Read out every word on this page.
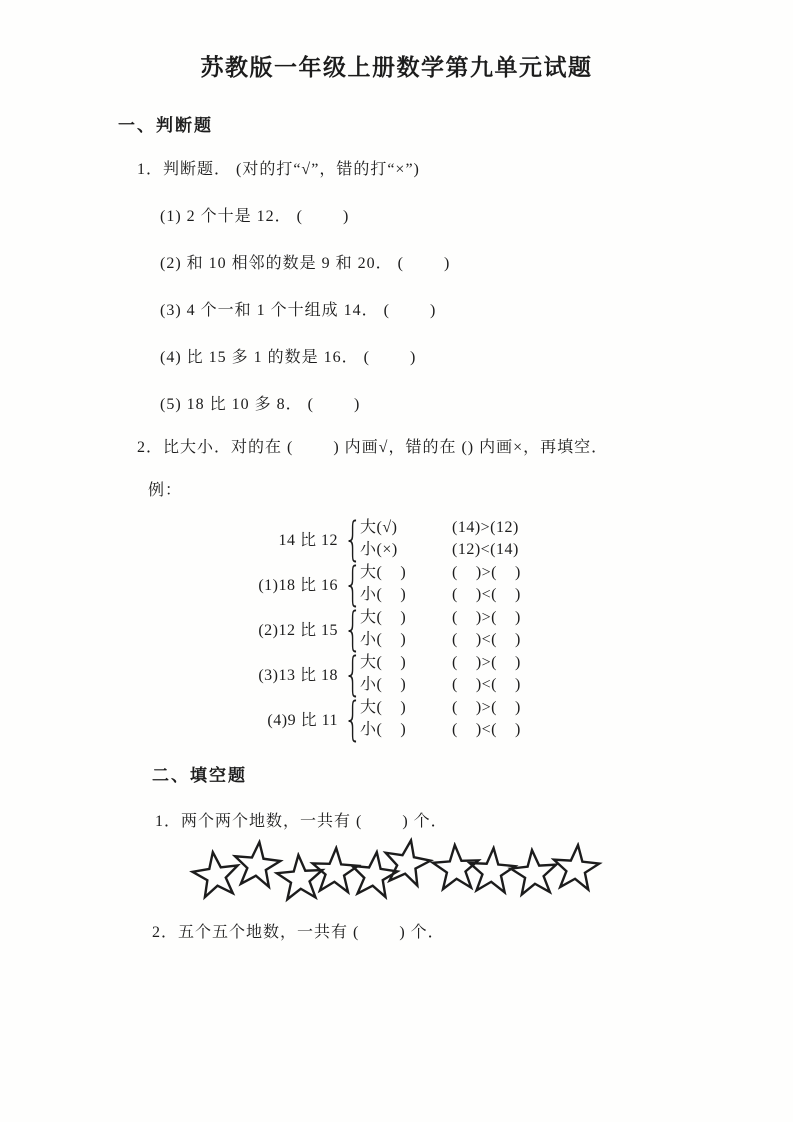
苏教版一年级上册数学第九单元试题
一、判断题

1．判断题． (对的打“√”，错的打“×”)

(1) 2 个十是 12． (        )

(2) 和 10 相邻的数是 9 和 20． (        )

(3) 4 个一和 1 个十组成 14． (        )

(4) 比 15 多 1 的数是 16． (        )

(5) 18 比 10 多 8． (        )

2．比大小．对的在 (        ) 内画√，错的在 () 内画×，再填空．

例：

14 比 12 {
大(√)
小(×)
(14)>(12)
(12)<(14)
(1)18 比 16 {
大(    )
小(    )
(    )>(    )
(    )<(    )
(2)12 比 15 {
大(    )
小(    )
(    )>(    )
(    )<(    )
(3)13 比 18 {
大(    )
小(    )
(    )>(    )
(    )<(    )
(4)9 比 11 {
大(    )
小(    )
(    )>(    )
(    )<(    )
二、填空题

1．两个两个地数，一共有 (        ) 个．

2．五个五个地数，一共有 (        ) 个．
